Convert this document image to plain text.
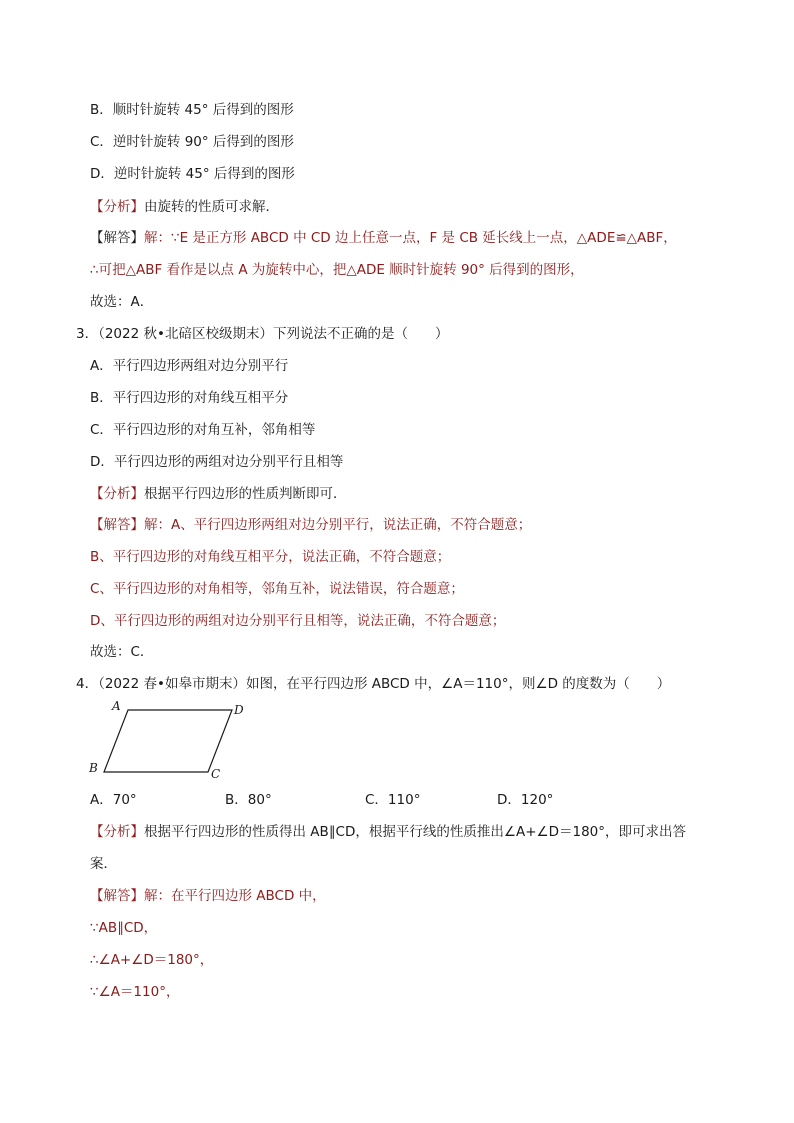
B．顺时针旋转 45° 后得到的图形
C．逆时针旋转 90° 后得到的图形
D．逆时针旋转 45° 后得到的图形
【分析】由旋转的性质可求解．
【解答】解：∵E 是正方形 ABCD 中 CD 边上任意一点，F 是 CB 延长线上一点，△ADE≌△ABF，
∴可把△ABF 看作是以点 A 为旋转中心，把△ADE 顺时针旋转 90° 后得到的图形，
故选：A．
3．（2022 秋•北碚区校级期末）下列说法不正确的是（　　）
A．平行四边形两组对边分别平行
B．平行四边形的对角线互相平分
C．平行四边形的对角互补，邻角相等
D．平行四边形的两组对边分别平行且相等
【分析】根据平行四边形的性质判断即可．
【解答】解：A、平行四边形两组对边分别平行，说法正确，不符合题意；
B、平行四边形的对角线互相平分，说法正确，不符合题意；
C、平行四边形的对角相等，邻角互补，说法错误，符合题意；
D、平行四边形的两组对边分别平行且相等，说法正确，不符合题意；
故选：C．
4．（2022 春•如皋市期末）如图，在平行四边形 ABCD 中，∠A＝110°，则∠D 的度数为（　　）
A	D
B	C
A．70°	B．80°	C．110°	D．120°
【分析】根据平行四边形的性质得出 AB∥CD，根据平行线的性质推出∠A+∠D＝180°，即可求出答
案．
【解答】解：在平行四边形 ABCD 中，
∵AB∥CD，
∴∠A+∠D＝180°，
∵∠A＝110°，
